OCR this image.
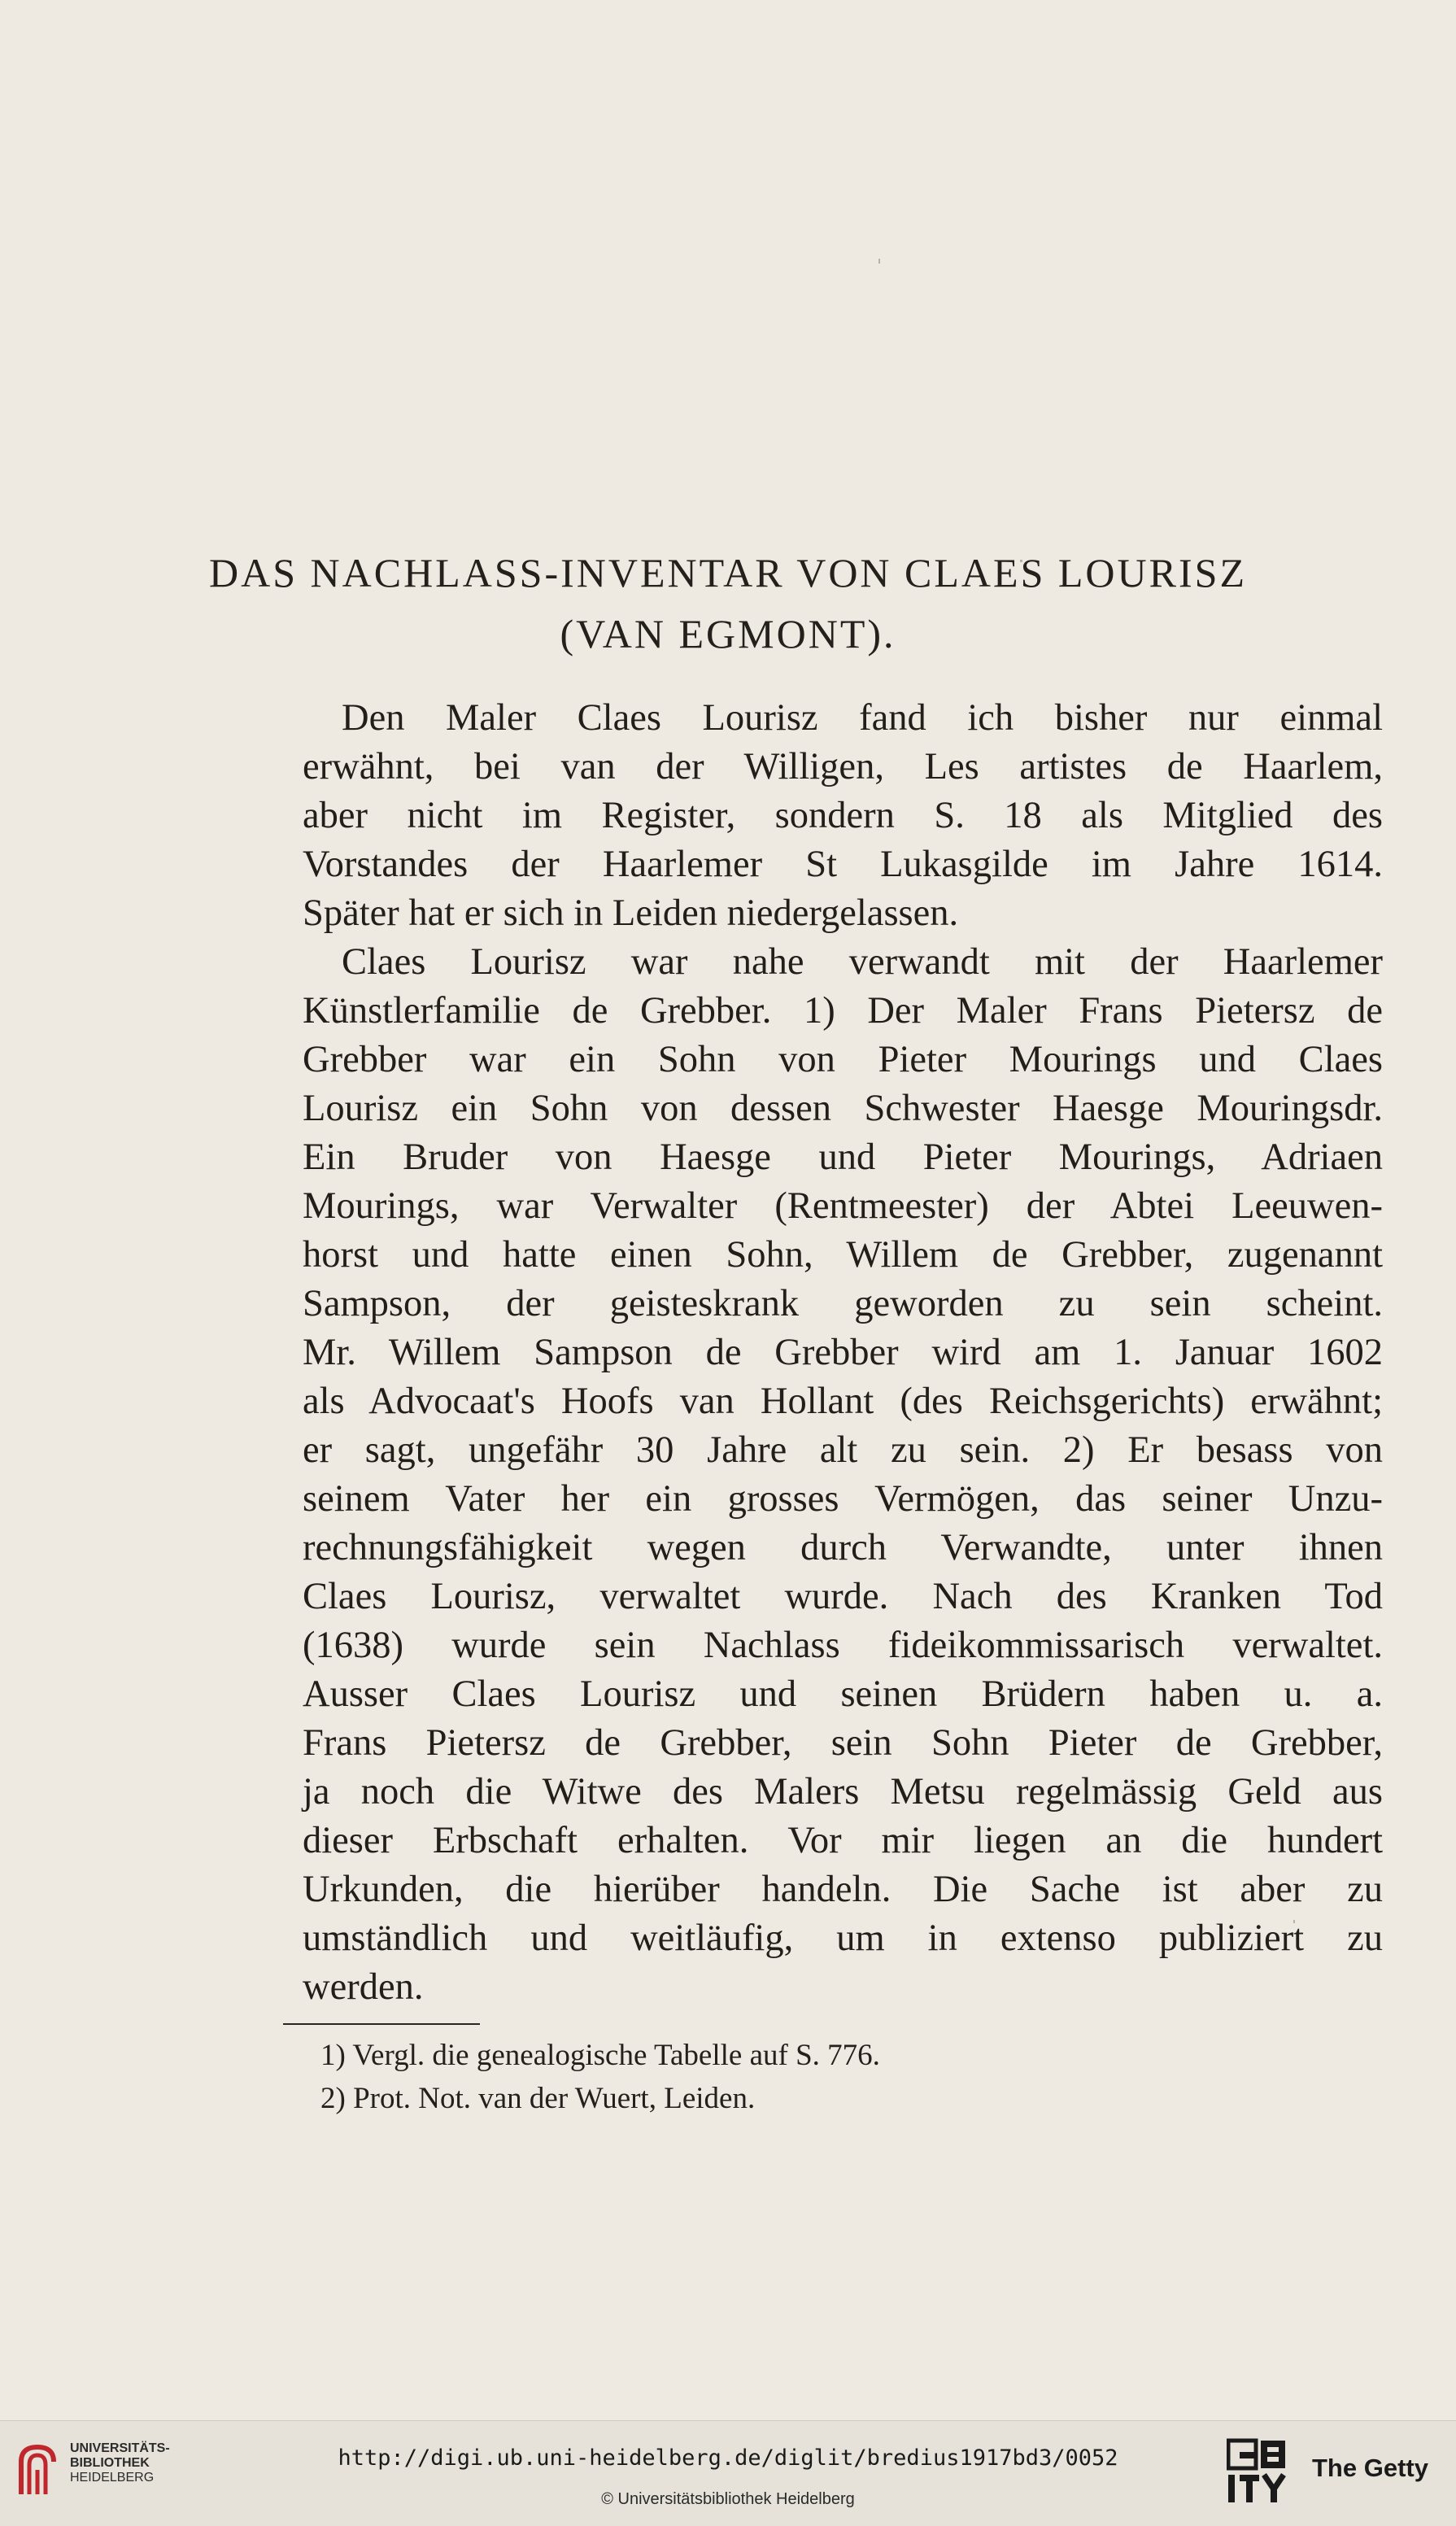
DAS NACHLASS-INVENTAR VON CLAES LOURISZ
(VAN EGMONT).
Den Maler Claes Lourisz fand ich bisher nur einmal
erwähnt, bei van der Willigen, Les artistes de Haarlem,
aber nicht im Register, sondern S. 18 als Mitglied des
Vorstandes der Haarlemer St Lukasgilde im Jahre 1614.
Später hat er sich in Leiden niedergelassen.
Claes Lourisz war nahe verwandt mit der Haarlemer
Künstlerfamilie de Grebber. 1) Der Maler Frans Pietersz de
Grebber war ein Sohn von Pieter Mourings und Claes
Lourisz ein Sohn von dessen Schwester Haesge Mouringsdr.
Ein Bruder von Haesge und Pieter Mourings, Adriaen
Mourings, war Verwalter (Rentmeester) der Abtei Leeuwen-
horst und hatte einen Sohn, Willem de Grebber, zugenannt
Sampson, der geisteskrank geworden zu sein scheint.
Mr. Willem Sampson de Grebber wird am 1. Januar 1602
als Advocaat's Hoofs van Hollant (des Reichsgerichts) erwähnt;
er sagt, ungefähr 30 Jahre alt zu sein. 2) Er besass von
seinem Vater her ein grosses Vermögen, das seiner Unzu-
rechnungsfähigkeit wegen durch Verwandte, unter ihnen
Claes Lourisz, verwaltet wurde. Nach des Kranken Tod
(1638) wurde sein Nachlass fideikommissarisch verwaltet.
Ausser Claes Lourisz und seinen Brüdern haben u. a.
Frans Pietersz de Grebber, sein Sohn Pieter de Grebber,
ja noch die Witwe des Malers Metsu regelmässig Geld aus
dieser Erbschaft erhalten. Vor mir liegen an die hundert
Urkunden, die hierüber handeln. Die Sache ist aber zu
umständlich und weitläufig, um in extenso publiziert zu
werden.
1) Vergl. die genealogische Tabelle auf S. 776.
2) Prot. Not. van der Wuert, Leiden.
UNIVERSITÄTS-
BIBLIOTHEK
HEIDELBERG
http://digi.ub.uni-heidelberg.de/diglit/bredius1917bd3/0052
© Universitätsbibliothek Heidelberg
The Getty
